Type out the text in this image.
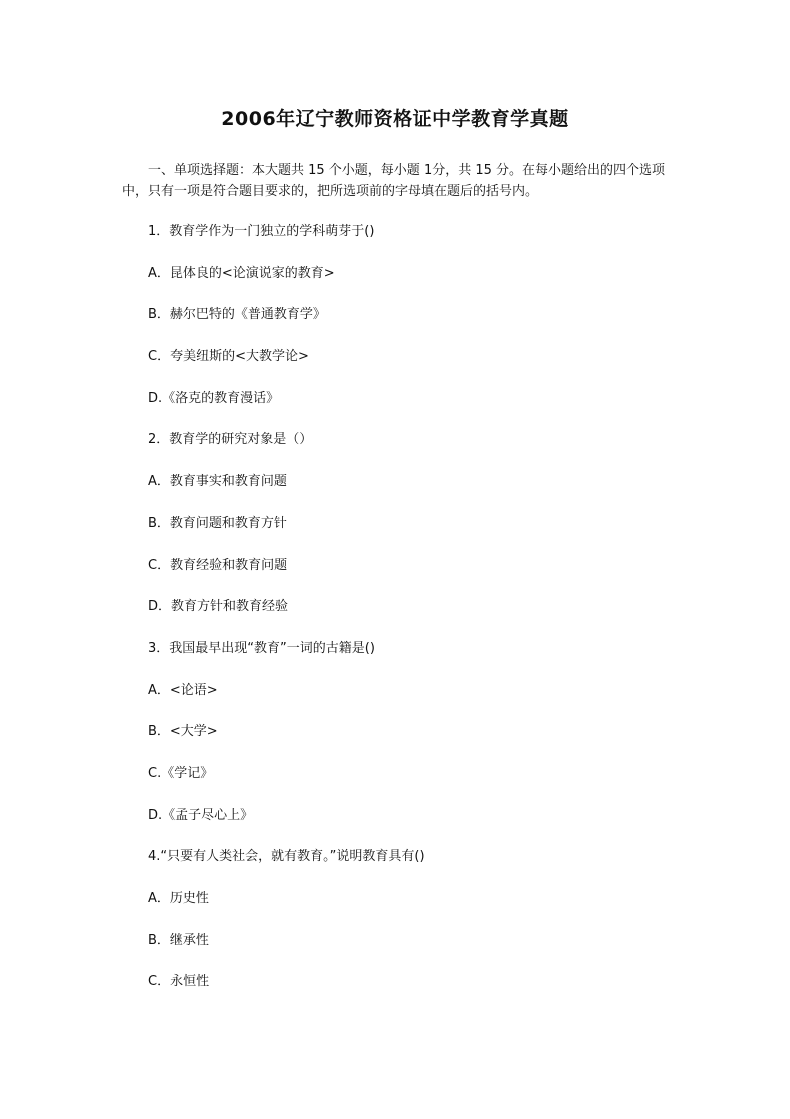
2006年辽宁教师资格证中学教育学真题
一、单项选择题：本大题共 15 个小题，每小题 1分，共 15 分。在每小题给出的四个选项中，只有一项是符合题目要求的，把所选项前的字母填在题后的括号内。
1．教育学作为一门独立的学科萌芽于()
A．昆体良的<论演说家的教育>
B．赫尔巴特的《普通教育学》
C．夸美纽斯的<大教学论>
D.《洛克的教育漫话》
2．教育学的研究对象是（）
A．教育事实和教育问题
B．教育问题和教育方针
C．教育经验和教育问题
D．教育方针和教育经验
3．我国最早出现“教育”一词的古籍是()
A．<论语>
B．<大学>
C.《学记》
D.《孟子尽心上》
4.“只要有人类社会，就有教育。”说明教育具有()
A．历史性
B．继承性
C．永恒性
